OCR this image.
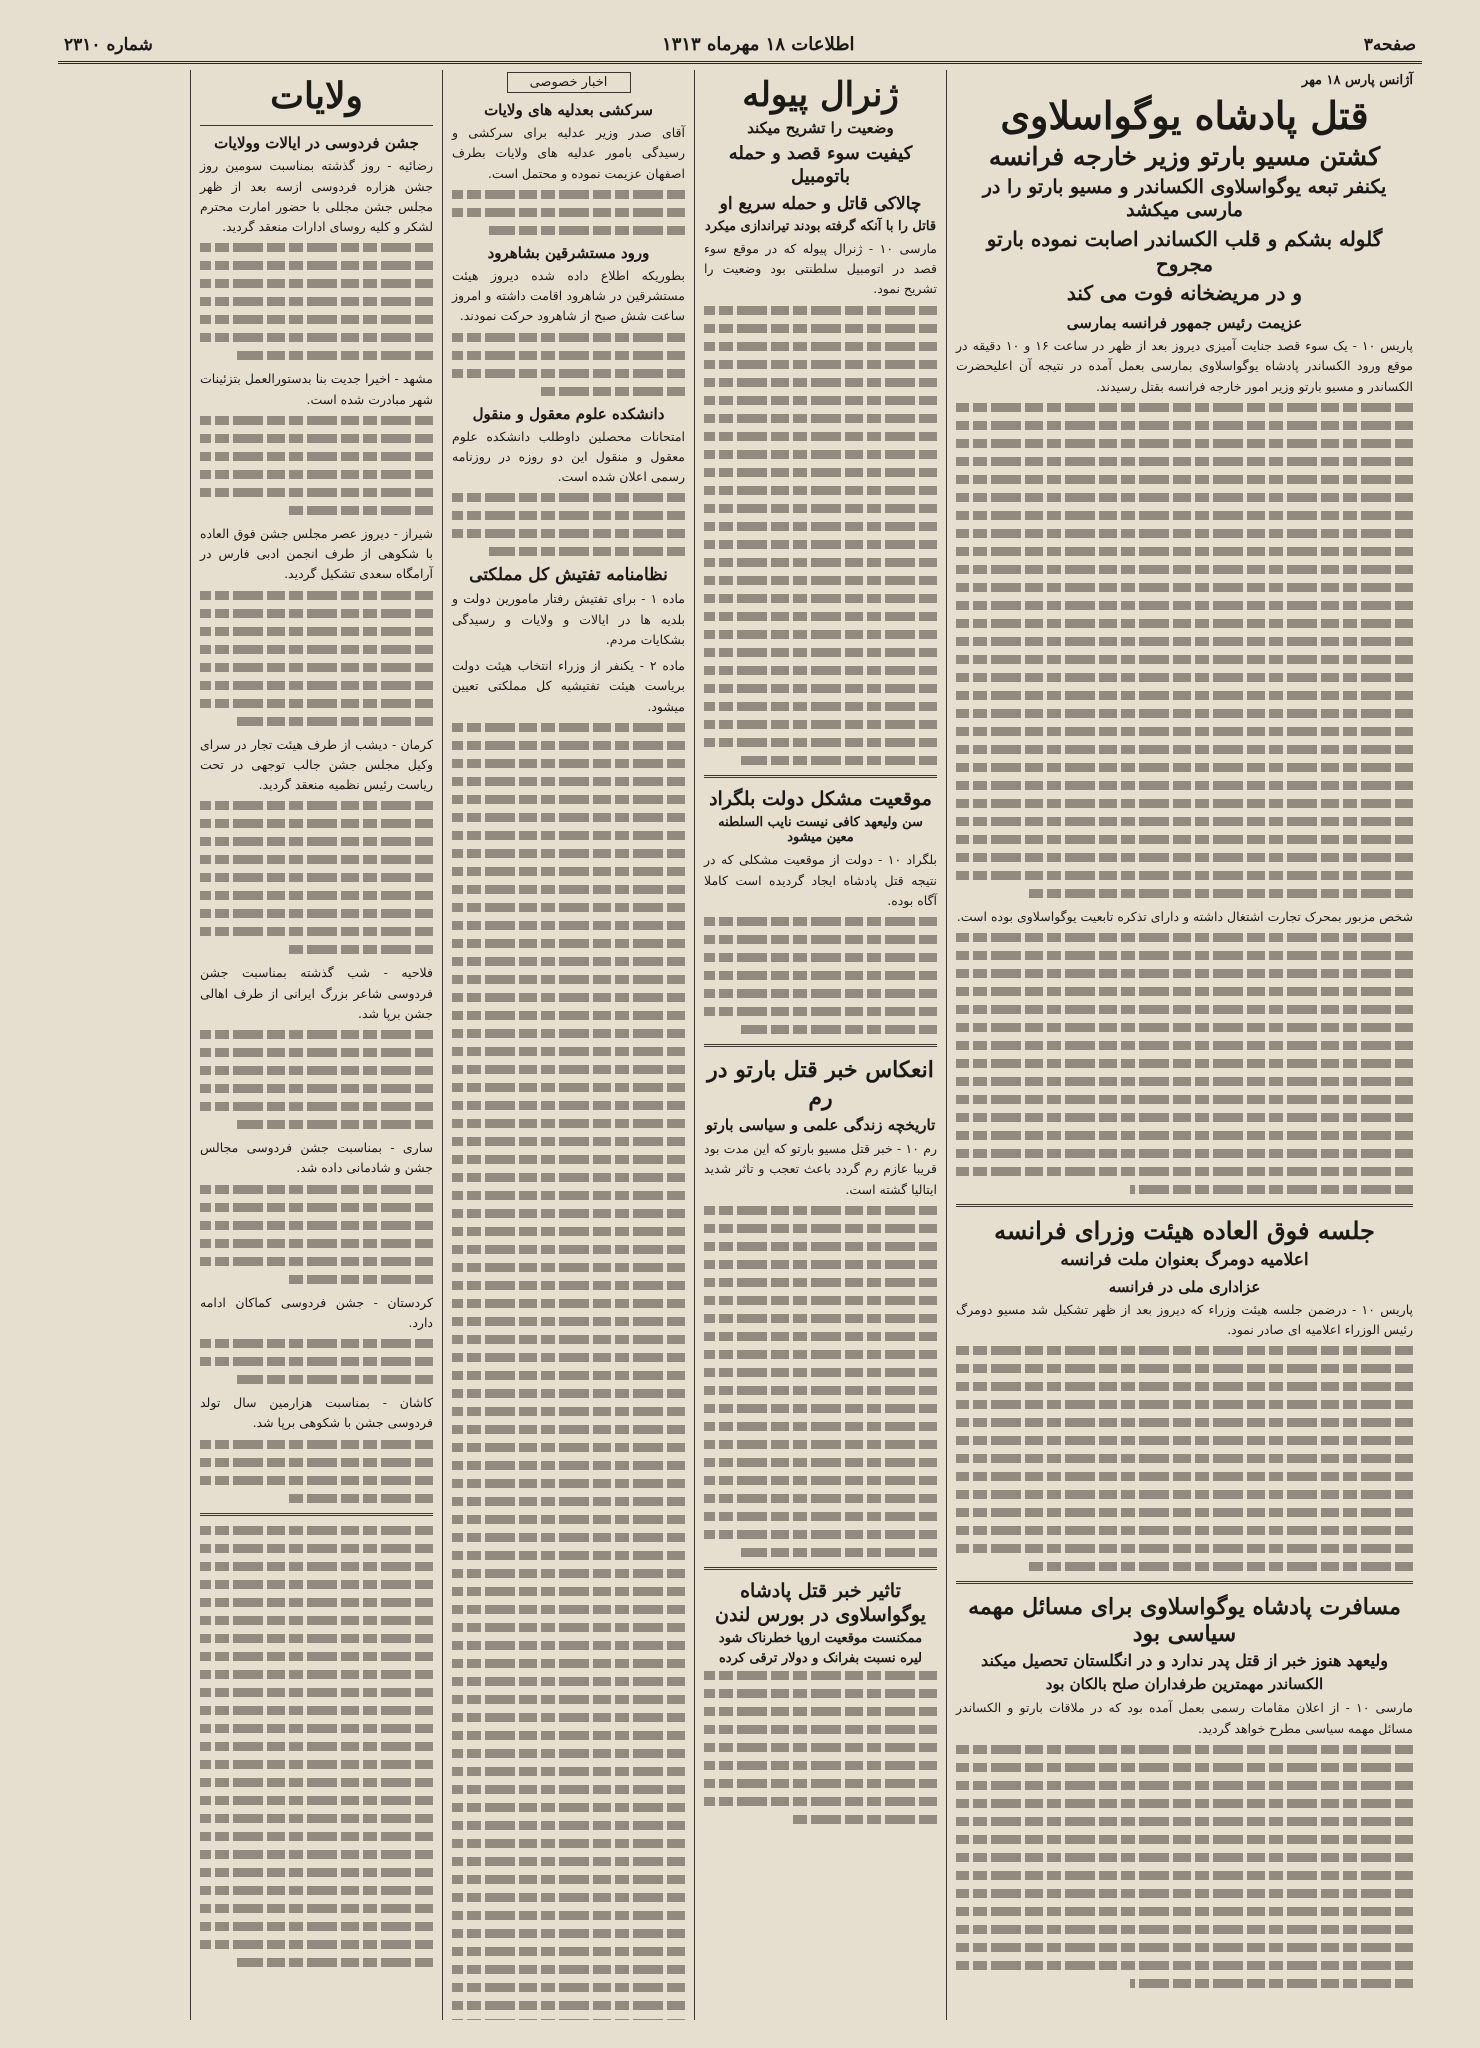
صفحه۳
اطلاعات ۱۸ مهرماه ۱۳۱۳
شماره ۲۳۱۰
آژانس پارس ۱۸ مهر
قتل پادشاه یوگواسلاوی
کشتن مسیو بارتو وزیر خارجه فرانسه
یکنفر تبعه یوگواسلاوی الکساندر و مسیو بارتو را در مارسی میکشد
گلوله بشکم و قلب الکساندر اصابت نموده بارتو مجروح
و در مریضخانه فوت می کند
عزیمت رئیس جمهور فرانسه بمارسی

پاریس ۱۰ - یک سوء قصد جنایت آمیزی دیروز بعد از ظهر در ساعت ۱۶ و ۱۰ دقیقه در موقع ورود الکساندر پادشاه یوگواسلاوی بمارسی بعمل آمده در نتیجه آن اعلیحضرت الکساندر و مسیو بارتو وزیر امور خارجه فرانسه بقتل رسیدند.

شخص مزبور بمحرک تجارت اشتغال داشته و دارای تذکره تابعیت یوگواسلاوی بوده است.

جلسه فوق العاده هیئت وزرای فرانسه
اعلامیه دومرگ بعنوان ملت فرانسه
عزاداری ملی در فرانسه

پاریس ۱۰ - درضمن جلسه هیئت وزراء که دیروز بعد از ظهر تشکیل شد مسیو دومرگ رئیس الوزراء اعلامیه ای صادر نمود.

مسافرت پادشاه یوگواسلاوی برای مسائل مهمه سیاسی بود
ولیعهد هنوز خبر از قتل پدر ندارد و در انگلستان تحصیل میکند
الکساندر مهمترین طرفداران صلح بالکان بود

مارسی ۱۰ - از اعلان مقامات رسمی بعمل آمده بود که در ملاقات بارتو و الکساندر مسائل مهمه سیاسی مطرح خواهد گردید.

ژنرال پیوله
وضعیت را تشریح میکند
کیفیت سوء قصد و حمله باتومبیل
چالاکی قاتل و حمله سریع او
قاتل را با آنکه گرفته بودند تیراندازی میکرد

مارسی ۱۰ - ژنرال پیوله که در موقع سوء قصد در اتومبیل سلطنتی بود وضعیت را تشریح نمود.

موقعیت مشکل دولت بلگراد
سن ولیعهد کافی نیست نایب السلطنه معین میشود

بلگراد ۱۰ - دولت از موقعیت مشکلی که در نتیجه قتل پادشاه ایجاد گردیده است کاملا آگاه بوده.

انعکاس خبر قتل بارتو در رم
تاریخچه زندگی علمی و سیاسی بارتو

رم ۱۰ - خبر قتل مسیو بارتو که این مدت بود قریبا عازم رم گردد باعث تعجب و تاثر شدید ایتالیا گشته است.

تاثیر خبر قتل پادشاه یوگواسلاوی در بورس لندن
ممکنست موقعیت اروپا خطرناک شود
لیره نسبت بفرانک و دولار ترقی کرده
اخبار خصوصی
سرکشی بعدلیه های ولایات

آقای صدر وزیر عدلیه برای سرکشی و رسیدگی بامور عدلیه های ولایات بطرف اصفهان عزیمت نموده و محتمل است.

ورود مستشرقین بشاهرود

بطوریکه اطلاع داده شده دیروز هیئت مستشرقین در شاهرود اقامت داشته و امروز ساعت شش صبح از شاهرود حرکت نمودند.

دانشکده علوم معقول و منقول

امتحانات محصلین داوطلب دانشکده علوم معقول و منقول این دو روزه در روزنامه رسمی اعلان شده است.

نظامنامه تفتیش کل مملکتی

ماده ۱ - برای تفتیش رفتار مامورین دولت و بلدیه ها در ایالات و ولایات و رسیدگی بشکایات مردم.

ماده ۲ - یکنفر از وزراء انتخاب هیئت دولت بریاست هیئت تفتیشیه کل مملکتی تعیین میشود.

ولایات
جشن فردوسی در ایالات وولایات

رضائیه - روز گذشته بمناسبت سومین روز جشن هزاره فردوسی ازسه بعد از ظهر مجلس جشن مجللی با حضور امارت محترم لشکر و کلیه روسای ادارات منعقد گردید.

مشهد - اخیرا جدیت بنا بدستورالعمل بتزئینات شهر مبادرت شده است.

شیراز - دیروز عصر مجلس جشن فوق العاده با شکوهی از طرف انجمن ادبی فارس در آرامگاه سعدی تشکیل گردید.

کرمان - دیشب از طرف هیئت تجار در سرای وکیل مجلس جشن جالب توجهی در تحت ریاست رئیس نظمیه منعقد گردید.

فلاحیه - شب گذشته بمناسبت جشن فردوسی شاعر بزرگ ایرانی از طرف اهالی جشن برپا شد.

ساری - بمناسبت جشن فردوسی مجالس جشن و شادمانی داده شد.

کردستان - جشن فردوسی کماکان ادامه دارد.

کاشان - بمناسبت هزارمین سال تولد فردوسی جشن با شکوهی برپا شد.
